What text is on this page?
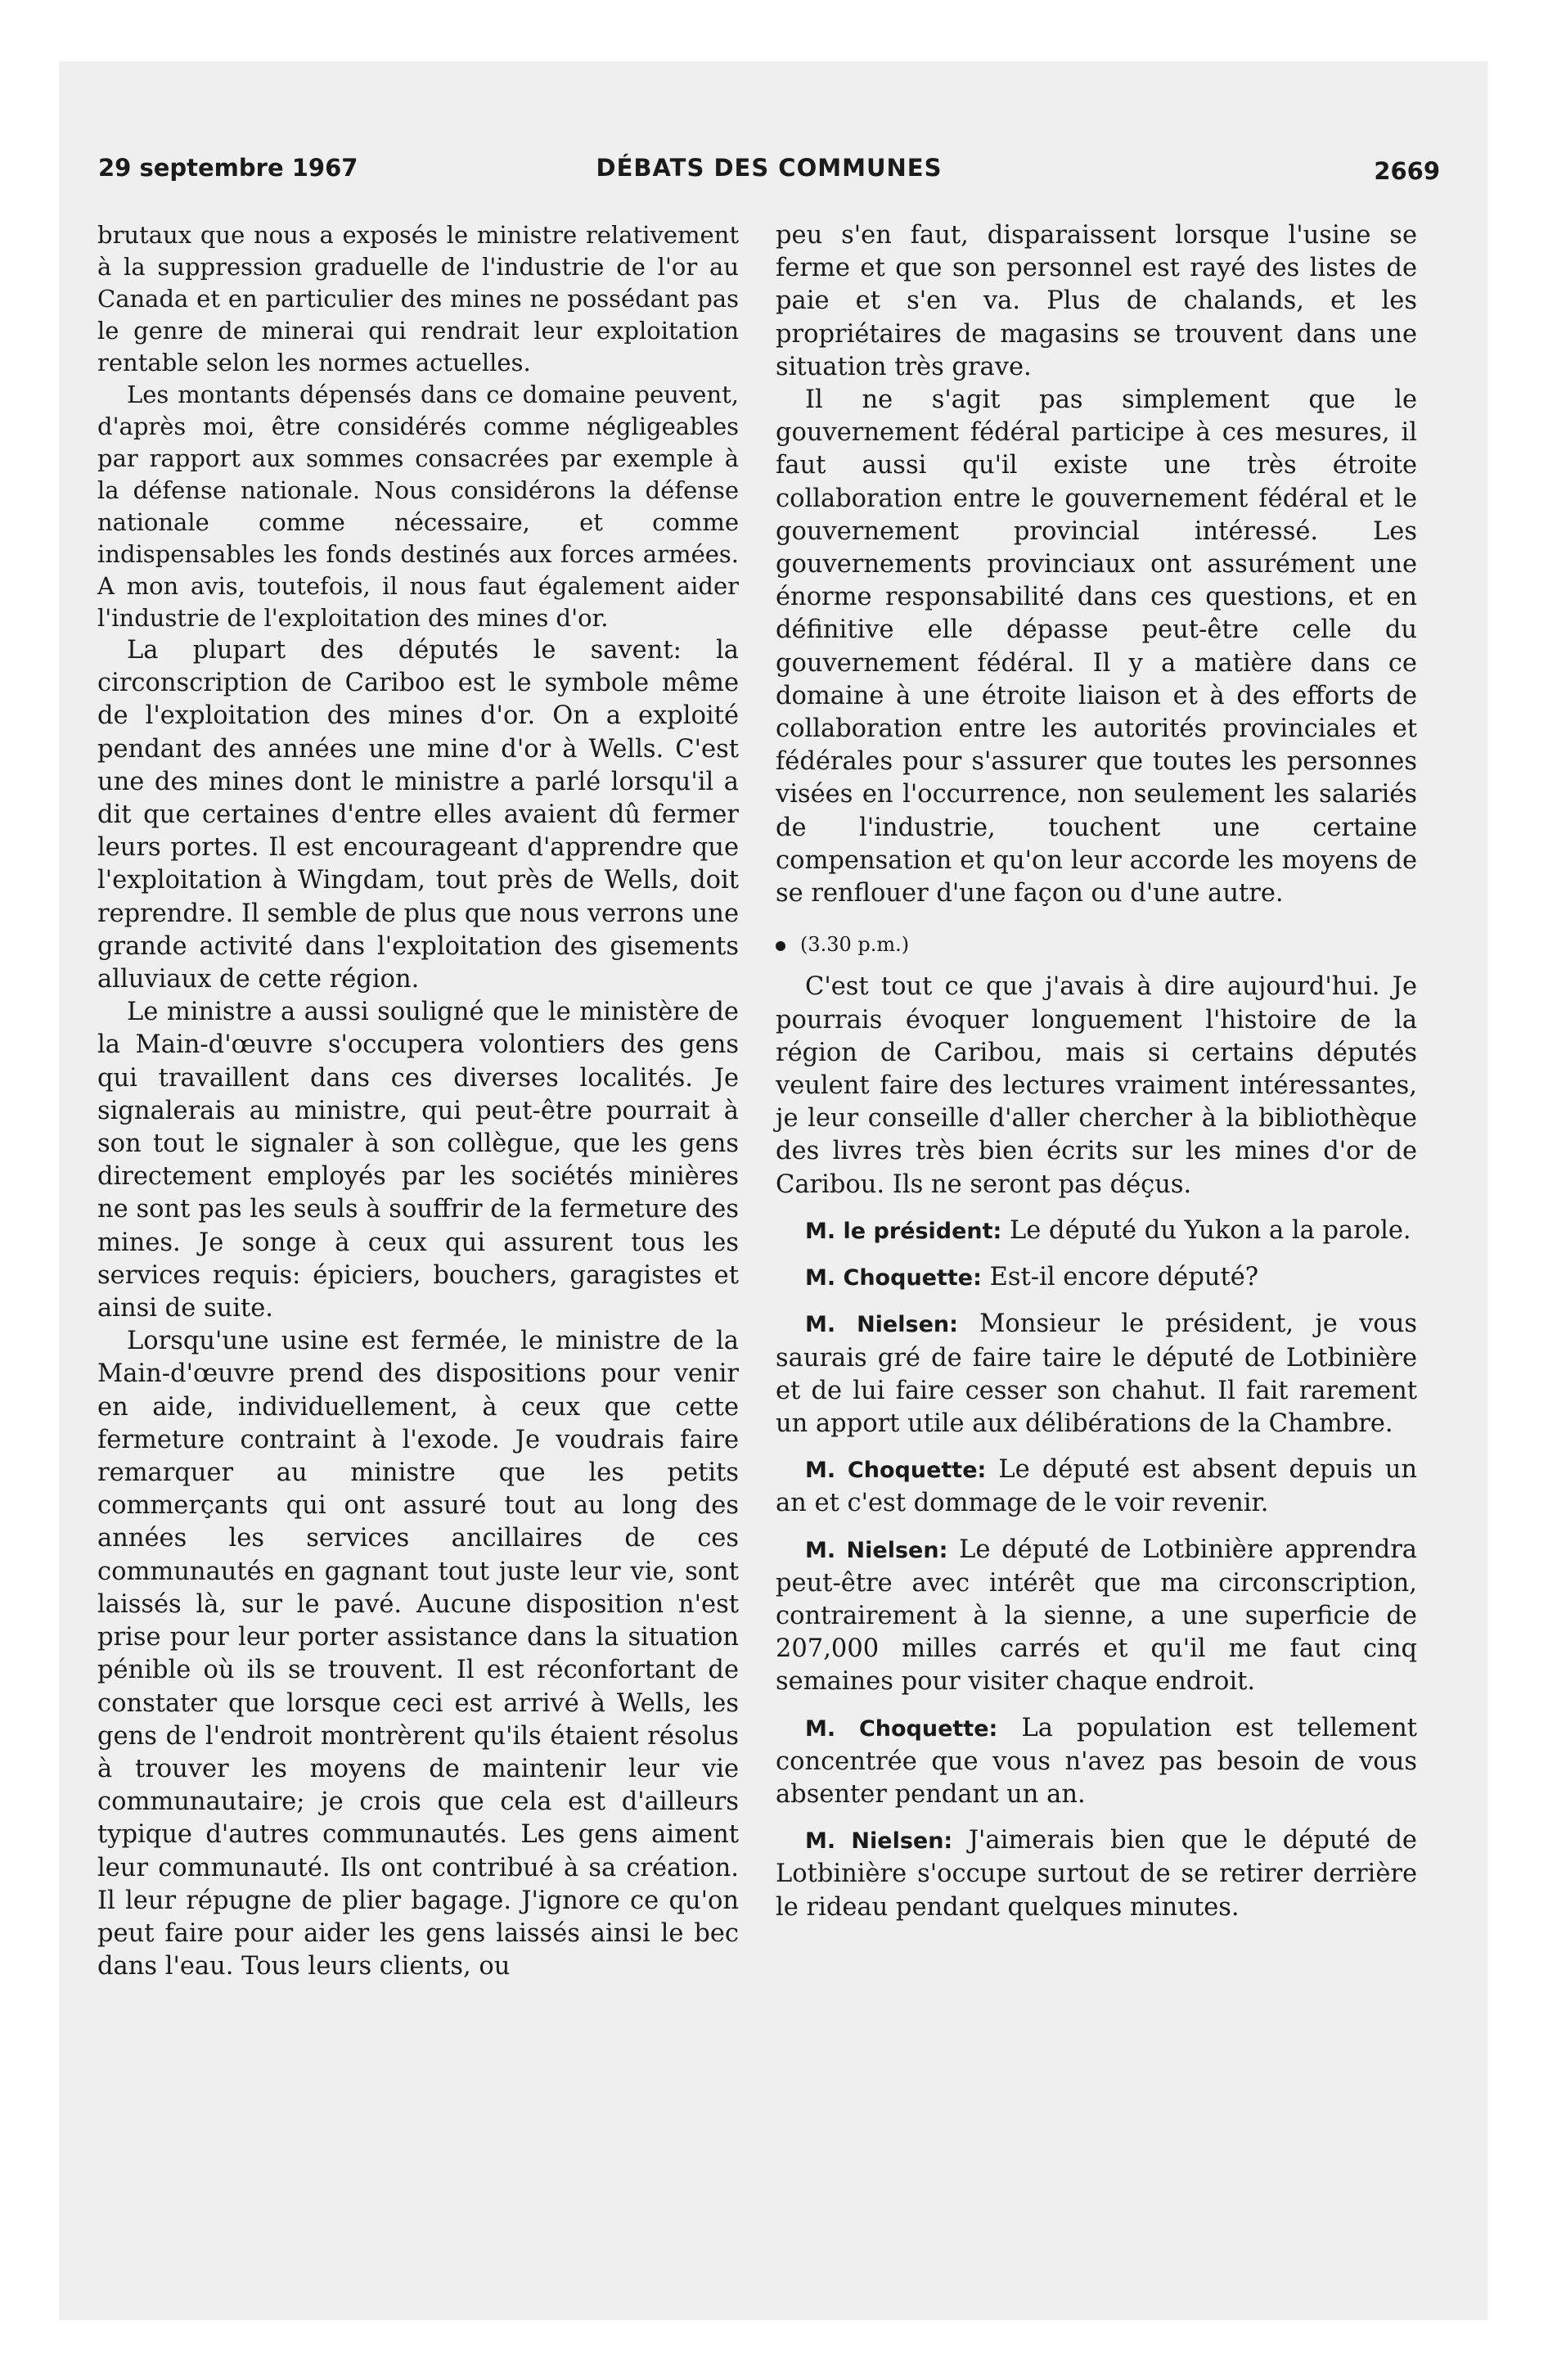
29 septembre 1967	DÉBATS DES COMMUNES	2669

brutaux que nous a exposés le ministre relativement à la suppression graduelle de l'industrie de l'or au Canada et en particulier des mines ne possédant pas le genre de minerai qui rendrait leur exploitation rentable selon les normes actuelles.

Les montants dépensés dans ce domaine peuvent, d'après moi, être considérés comme négligeables par rapport aux sommes consacrées par exemple à la défense nationale. Nous considérons la défense nationale comme nécessaire, et comme indispensables les fonds destinés aux forces armées. A mon avis, toutefois, il nous faut également aider l'industrie de l'exploitation des mines d'or.

La plupart des députés le savent: la circonscription de Cariboo est le symbole même de l'exploitation des mines d'or. On a exploité pendant des années une mine d'or à Wells. C'est une des mines dont le ministre a parlé lorsqu'il a dit que certaines d'entre elles avaient dû fermer leurs portes. Il est encourageant d'apprendre que l'exploitation à Wingdam, tout près de Wells, doit reprendre. Il semble de plus que nous verrons une grande activité dans l'exploitation des gisements alluviaux de cette région.

Le ministre a aussi souligné que le ministère de la Main-d'œuvre s'occupera volontiers des gens qui travaillent dans ces diverses localités. Je signalerais au ministre, qui peut-être pourrait à son tout le signaler à son collègue, que les gens directement employés par les sociétés minières ne sont pas les seuls à souffrir de la fermeture des mines. Je songe à ceux qui assurent tous les services requis: épiciers, bouchers, garagistes et ainsi de suite.

Lorsqu'une usine est fermée, le ministre de la Main-d'œuvre prend des dispositions pour venir en aide, individuellement, à ceux que cette fermeture contraint à l'exode. Je voudrais faire remarquer au ministre que les petits commerçants qui ont assuré tout au long des années les services ancillaires de ces communautés en gagnant tout juste leur vie, sont laissés là, sur le pavé. Aucune disposition n'est prise pour leur porter assistance dans la situation pénible où ils se trouvent. Il est réconfortant de constater que lorsque ceci est arrivé à Wells, les gens de l'endroit montrèrent qu'ils étaient résolus à trouver les moyens de maintenir leur vie communautaire; je crois que cela est d'ailleurs typique d'autres communautés. Les gens aiment leur communauté. Ils ont contribué à sa création. Il leur répugne de plier bagage. J'ignore ce qu'on peut faire pour aider les gens laissés ainsi le bec dans l'eau. Tous leurs clients, ou

peu s'en faut, disparaissent lorsque l'usine se ferme et que son personnel est rayé des listes de paie et s'en va. Plus de chalands, et les propriétaires de magasins se trouvent dans une situation très grave.

Il ne s'agit pas simplement que le gouvernement fédéral participe à ces mesures, il faut aussi qu'il existe une très étroite collaboration entre le gouvernement fédéral et le gouvernement provincial intéressé. Les gouvernements provinciaux ont assurément une énorme responsabilité dans ces questions, et en définitive elle dépasse peut-être celle du gouvernement fédéral. Il y a matière dans ce domaine à une étroite liaison et à des efforts de collaboration entre les autorités provinciales et fédérales pour s'assurer que toutes les personnes visées en l'occurrence, non seulement les salariés de l'industrie, touchent une certaine compensation et qu'on leur accorde les moyens de se renflouer d'une façon ou d'une autre.

(3.30 p.m.)

C'est tout ce que j'avais à dire aujourd'hui. Je pourrais évoquer longuement l'histoire de la région de Caribou, mais si certains députés veulent faire des lectures vraiment intéressantes, je leur conseille d'aller chercher à la bibliothèque des livres très bien écrits sur les mines d'or de Caribou. Ils ne seront pas déçus.

M. le président: Le député du Yukon a la parole.

M. Choquette: Est-il encore député?

M. Nielsen: Monsieur le président, je vous saurais gré de faire taire le député de Lotbinière et de lui faire cesser son chahut. Il fait rarement un apport utile aux délibérations de la Chambre.

M. Choquette: Le député est absent depuis un an et c'est dommage de le voir revenir.

M. Nielsen: Le député de Lotbinière apprendra peut-être avec intérêt que ma circonscription, contrairement à la sienne, a une superficie de 207,000 milles carrés et qu'il me faut cinq semaines pour visiter chaque endroit.

M. Choquette: La population est tellement concentrée que vous n'avez pas besoin de vous absenter pendant un an.

M. Nielsen: J'aimerais bien que le député de Lotbinière s'occupe surtout de se retirer derrière le rideau pendant quelques minutes.
